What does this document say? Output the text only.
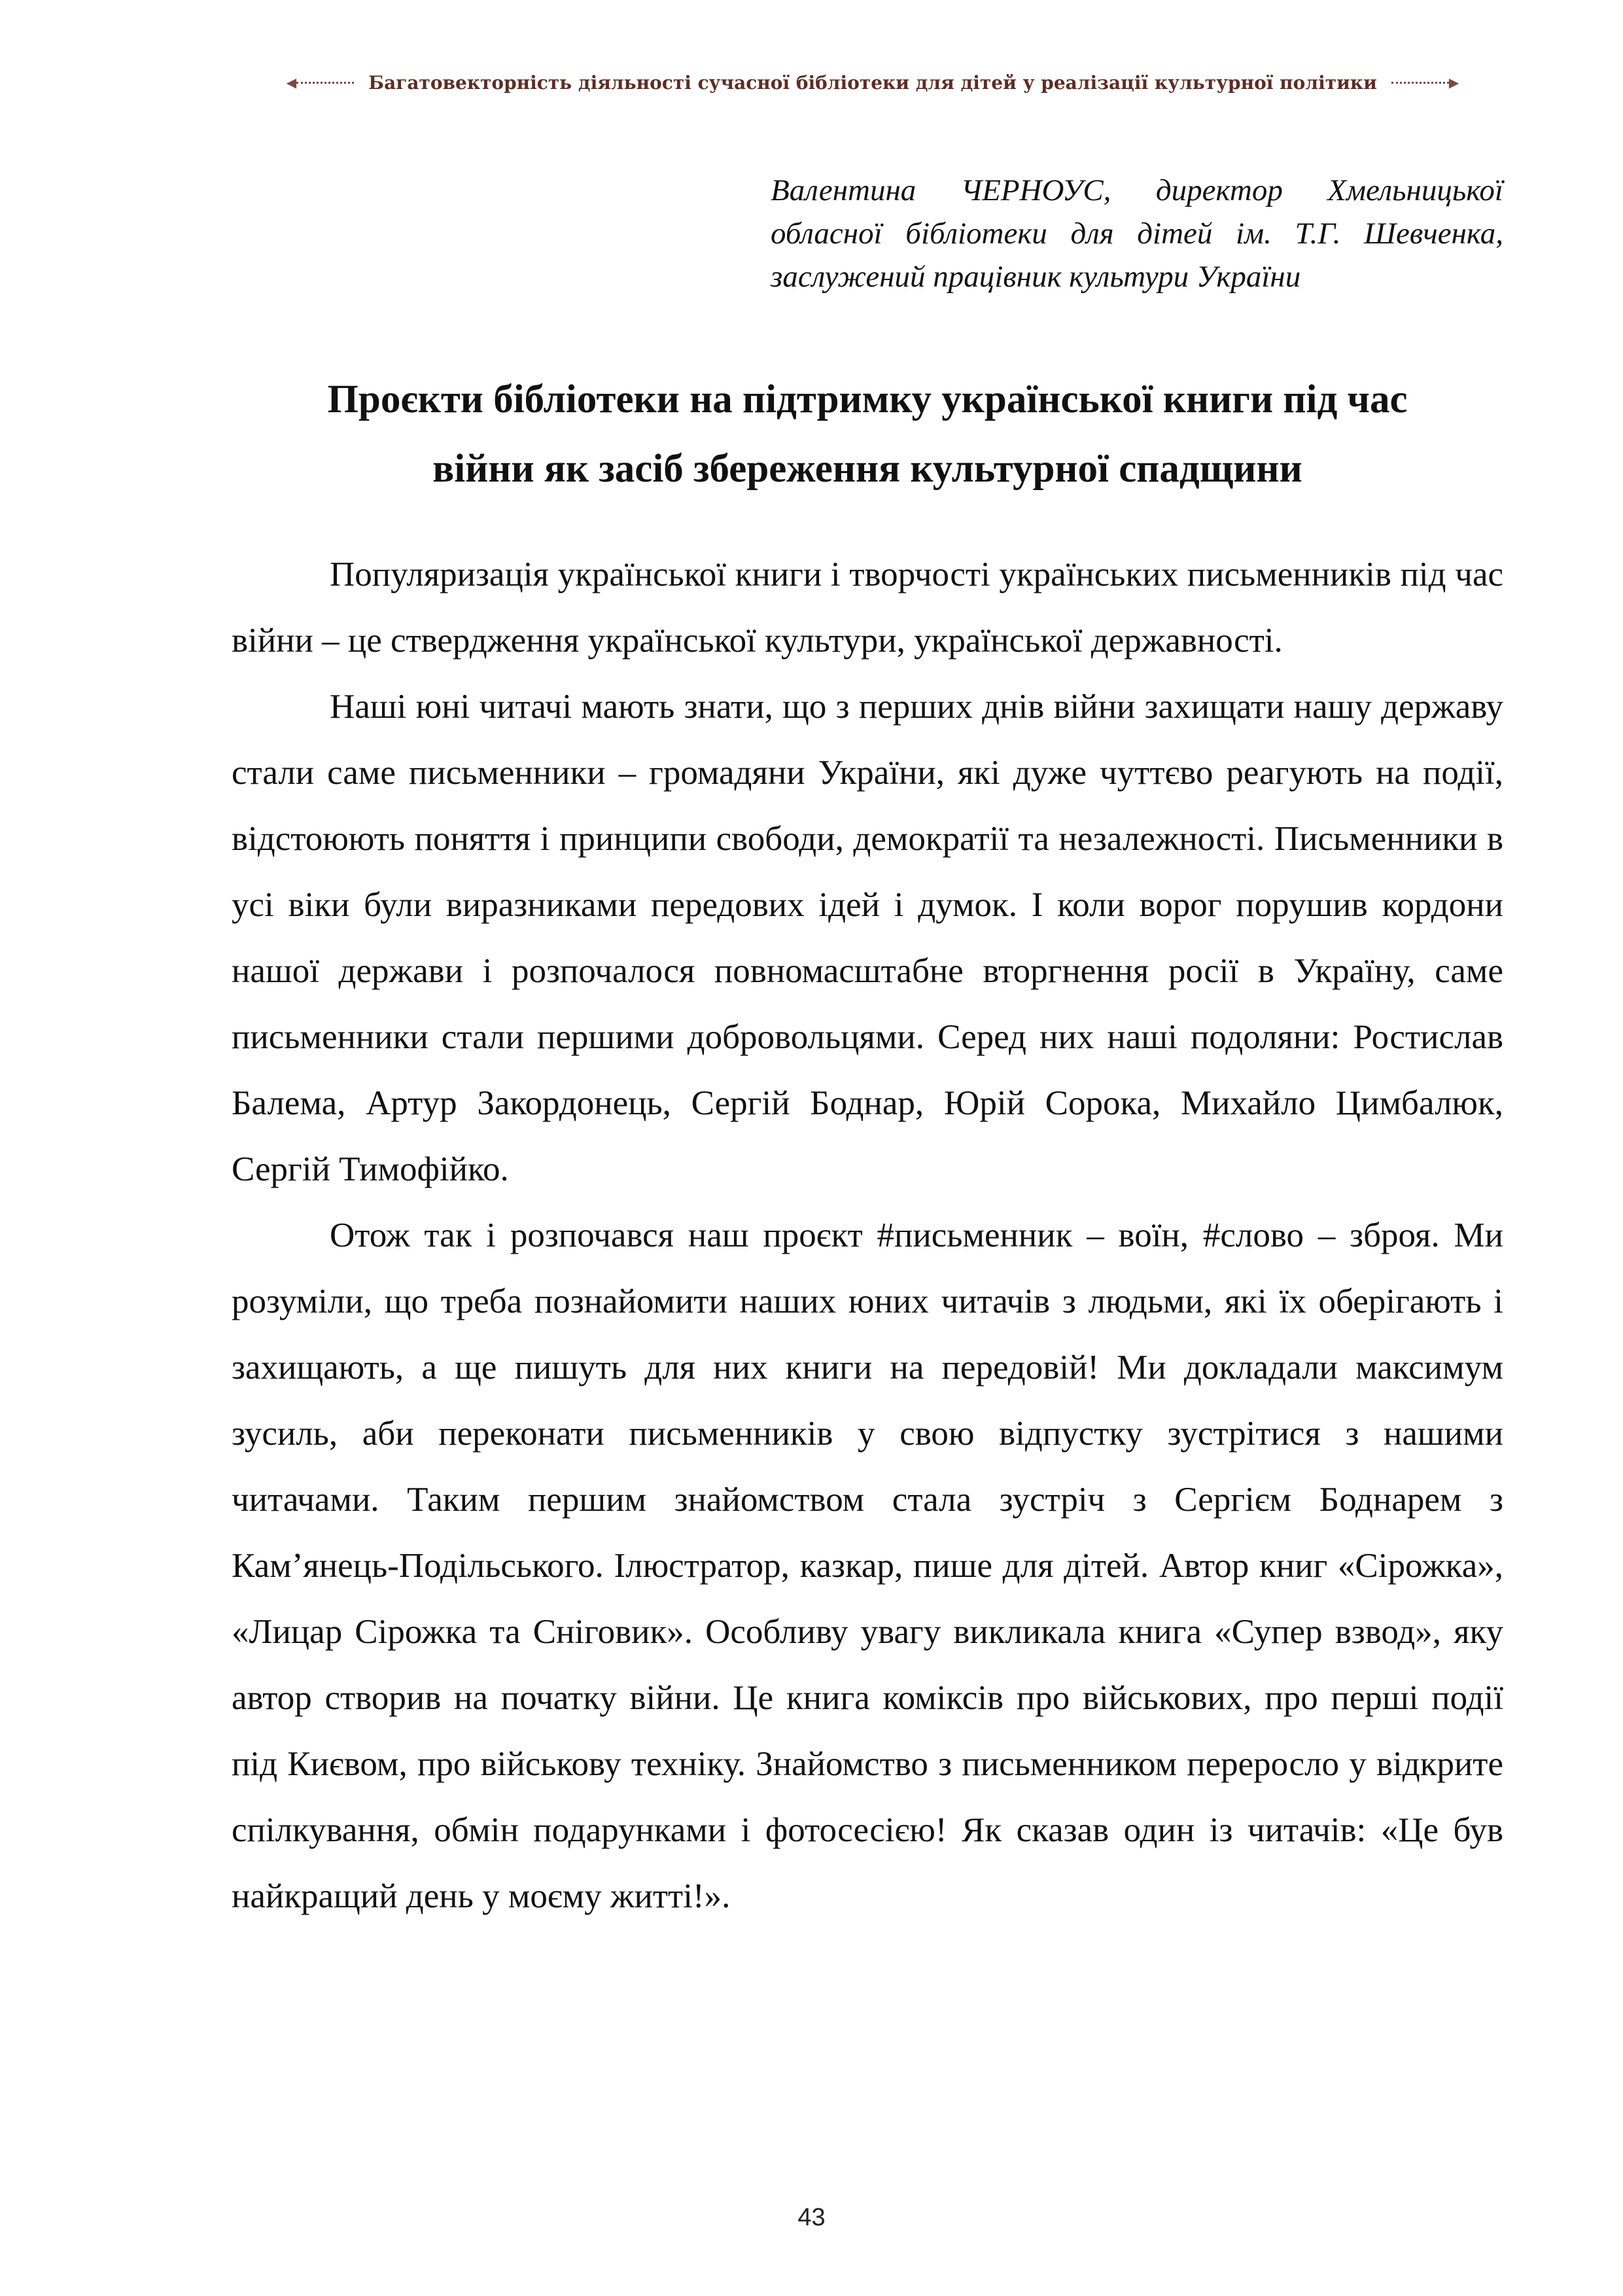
◀	Багатовекторність діяльності сучасної бібліотеки для дітей у реалізації культурної політики	▶
Валентина ЧЕРНОУС, директор Хмельницької
обласної бібліотеки для дітей ім. Т.Г. Шевченка,
заслужений працівник культури України
Проєкти бібліотеки на підтримку української книги під час
війни як засіб збереження культурної спадщини

Популяризація української книги і творчості українських письменників під час війни – це ствердження української культури, української державності.

Наші юні читачі мають знати, що з перших днів війни захищати нашу державу стали саме письменники – громадяни України, які дуже чуттєво реагують на події, відстоюють поняття і принципи свободи, демократії та незалежності. Письменники в усі віки були виразниками передових ідей і думок. І коли ворог порушив кордони нашої держави і розпочалося повномасштабне вторгнення росії в Україну, саме письменники стали першими добровольцями. Серед них наші подоляни: Ростислав Балема, Артур Закордонець, Сергій Боднар, Юрій Сорока, Михайло Цимбалюк, Сергій Тимофійко.

Отож так і розпочався наш проєкт #письменник – воїн, #слово – зброя. Ми розуміли, що треба познайомити наших юних читачів з людьми, які їх оберігають і захищають, а ще пишуть для них книги на передовій! Ми докладали максимум зусиль, аби переконати письменників у свою відпустку зустрітися з нашими читачами. Таким першим знайомством стала зустріч з Сергієм Боднарем з Кам’янець-Подільського. Ілюстратор, казкар, пише для дітей. Автор книг «Сірожка», «Лицар Сірожка та Сніговик». Особливу увагу викликала книга «Супер взвод», яку автор створив на початку війни. Це книга коміксів про військових, про перші події під Києвом, про військову техніку. Знайомство з письменником переросло у відкрите спілкування, обмін подарунками і фотосесією! Як сказав один із читачів: «Це був найкращий день у моєму житті!».

43
